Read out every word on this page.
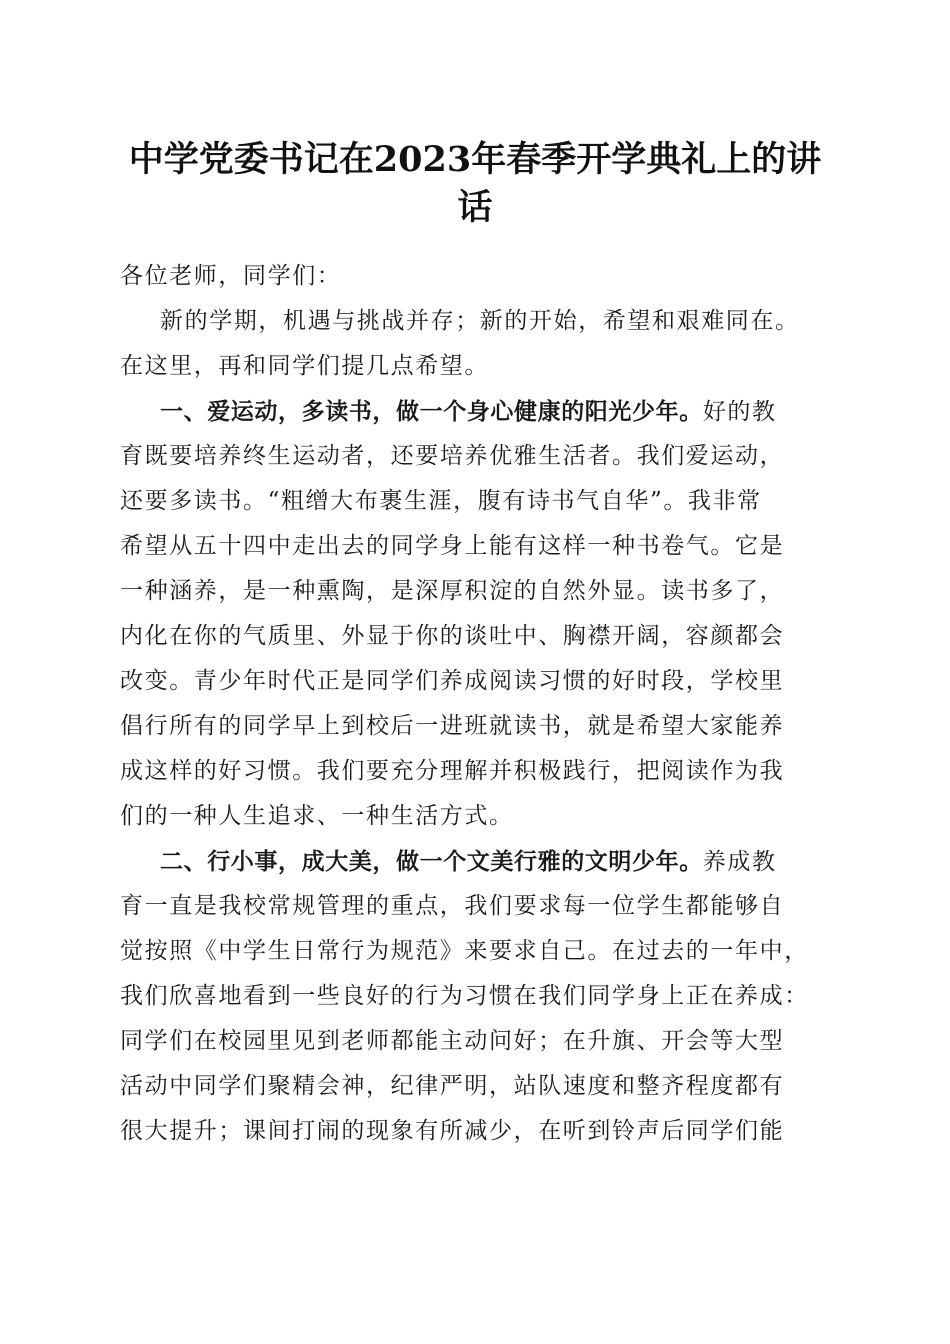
中学党委书记在2023年春季开学典礼上的讲
话
各位老师，同学们：
新的学期，机遇与挑战并存；新的开始，希望和艰难同在。
在这里，再和同学们提几点希望。
一、爱运动，多读书，做一个身心健康的阳光少年。好的教
育既要培养终生运动者，还要培养优雅生活者。我们爱运动，
还要多读书。“粗缯大布裹生涯，腹有诗书气自华”。我非常
希望从五十四中走出去的同学身上能有这样一种书卷气。它是
一种涵养，是一种熏陶，是深厚积淀的自然外显。读书多了，
内化在你的气质里、外显于你的谈吐中、胸襟开阔，容颜都会
改变。青少年时代正是同学们养成阅读习惯的好时段，学校里
倡行所有的同学早上到校后一进班就读书，就是希望大家能养
成这样的好习惯。我们要充分理解并积极践行，把阅读作为我
们的一种人生追求、一种生活方式。
二、行小事，成大美，做一个文美行雅的文明少年。养成教
育一直是我校常规管理的重点，我们要求每一位学生都能够自
觉按照《中学生日常行为规范》来要求自己。在过去的一年中，
我们欣喜地看到一些良好的行为习惯在我们同学身上正在养成：
同学们在校园里见到老师都能主动问好；在升旗、开会等大型
活动中同学们聚精会神，纪律严明，站队速度和整齐程度都有
很大提升；课间打闹的现象有所减少，在听到铃声后同学们能
